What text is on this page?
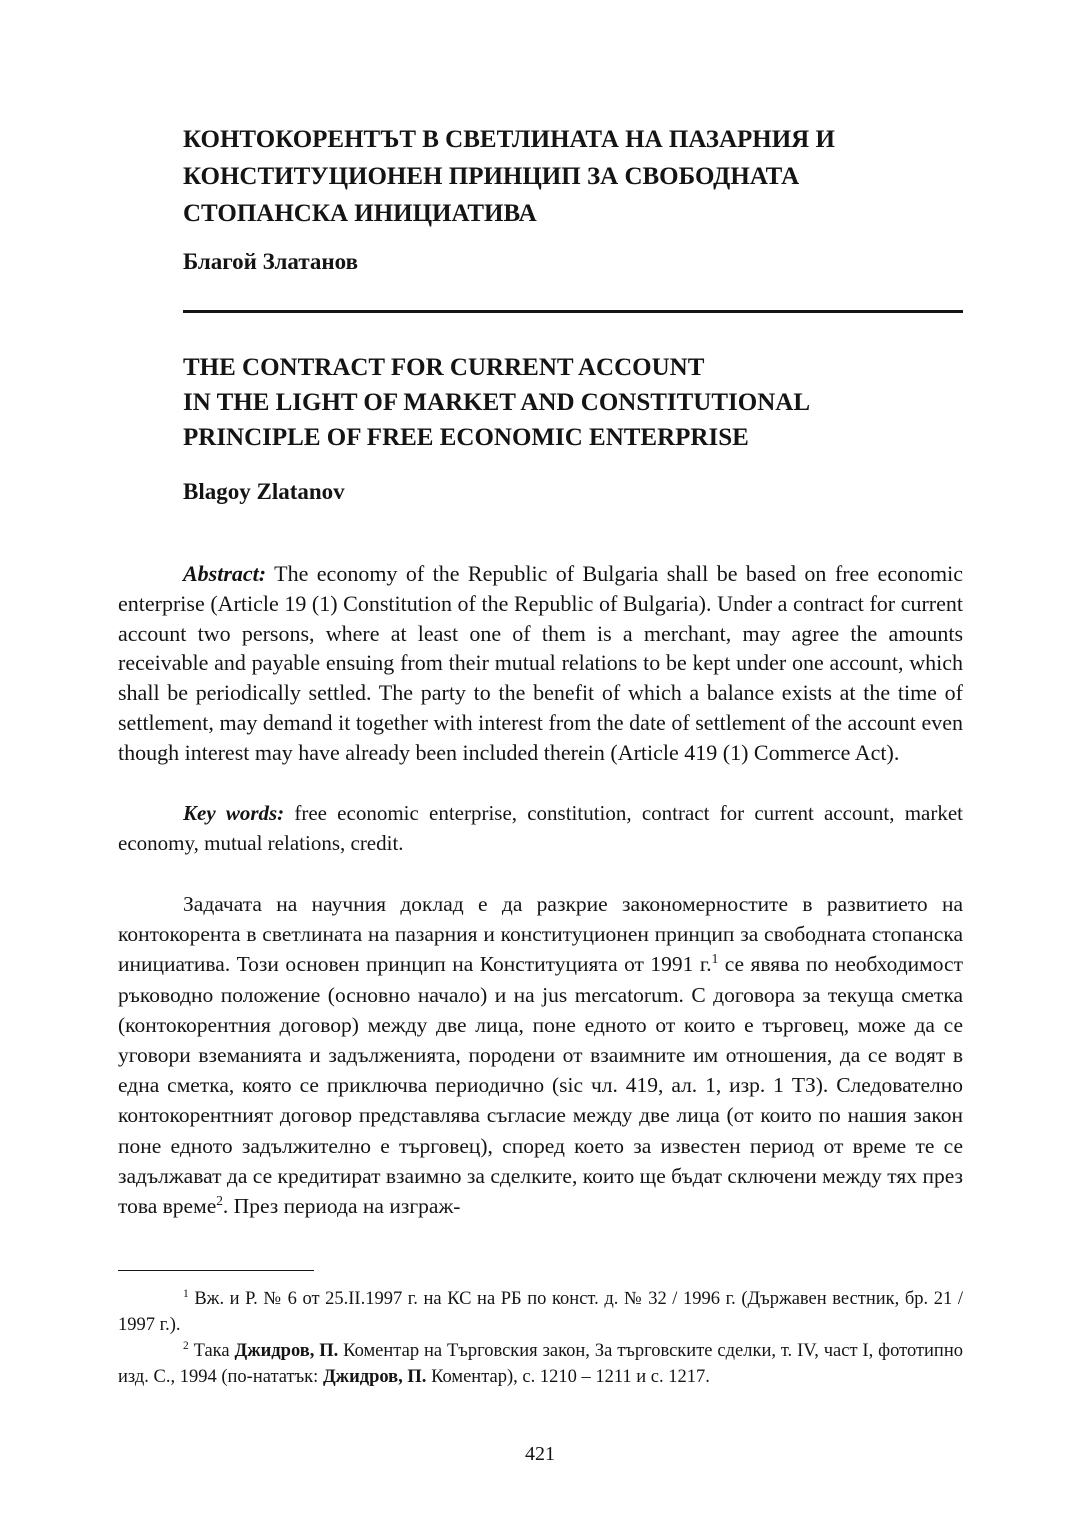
КОНТОКОРЕНТЪТ В СВЕТЛИНАТА НА ПАЗАРНИЯ И
КОНСТИТУЦИОНЕН ПРИНЦИП ЗА СВОБОДНАТА
СТОПАНСКА ИНИЦИАТИВА

Благой Златанов

THE CONTRACT FOR CURRENT ACCOUNT
IN THE LIGHT OF MARKET AND CONSTITUTIONAL
PRINCIPLE OF FREE ECONOMIC ENTERPRISE

Blagoy Zlatanov

Abstract: The economy of the Republic of Bulgaria shall be based on free economic enterprise (Article 19 (1) Constitution of the Republic of Bulgaria). Under a contract for current account two persons, where at least one of them is a merchant, may agree the amounts receivable and payable ensuing from their mutual relations to be kept under one account, which shall be periodically settled. The party to the benefit of which a balance exists at the time of settlement, may demand it together with interest from the date of settlement of the account even though interest may have already been included therein (Article 419 (1) Commerce Act).

Key words: free economic enterprise, constitution, contract for current account, market economy, mutual relations, credit.

Задачата на научния доклад е да разкрие закономерностите в развитието на контокорента в светлината на пазарния и конституционен принцип за свободната стопанска инициатива. Този основен принцип на Конституцията от 1991 г.$^1$ се явява по необходимост ръководно положение (основно начало) и на jus mercatorum. С договора за текуща сметка (контокорентния договор) между две лица, поне едното от които е търговец, може да се уговори вземанията и задълженията, породени от взаимните им отношения, да се водят в една сметка, която се приключва периодично (sic чл. 419, ал. 1, изр. 1 ТЗ). Следователно контокорентният договор представлява съгласие между две лица (от които по нашия закон поне едното задължително е търговец), според което за известен период от време те се задължават да се кредитират взаимно за сделките, които ще бъдат сключени между тях през това време$^2$. През периода на изграж-

$^1$ Вж. и Р. № 6 от 25.II.1997 г. на КС на РБ по конст. д. № 32 / 1996 г. (Държавен вестник, бр. 21 / 1997 г.).

$^2$ Така Джидров, П. Коментар на Търговския закон, За търговските сделки, т. IV, част I, фототипно изд. С., 1994 (по-нататък: Джидров, П. Коментар), с. 1210 – 1211 и с. 1217.

421
